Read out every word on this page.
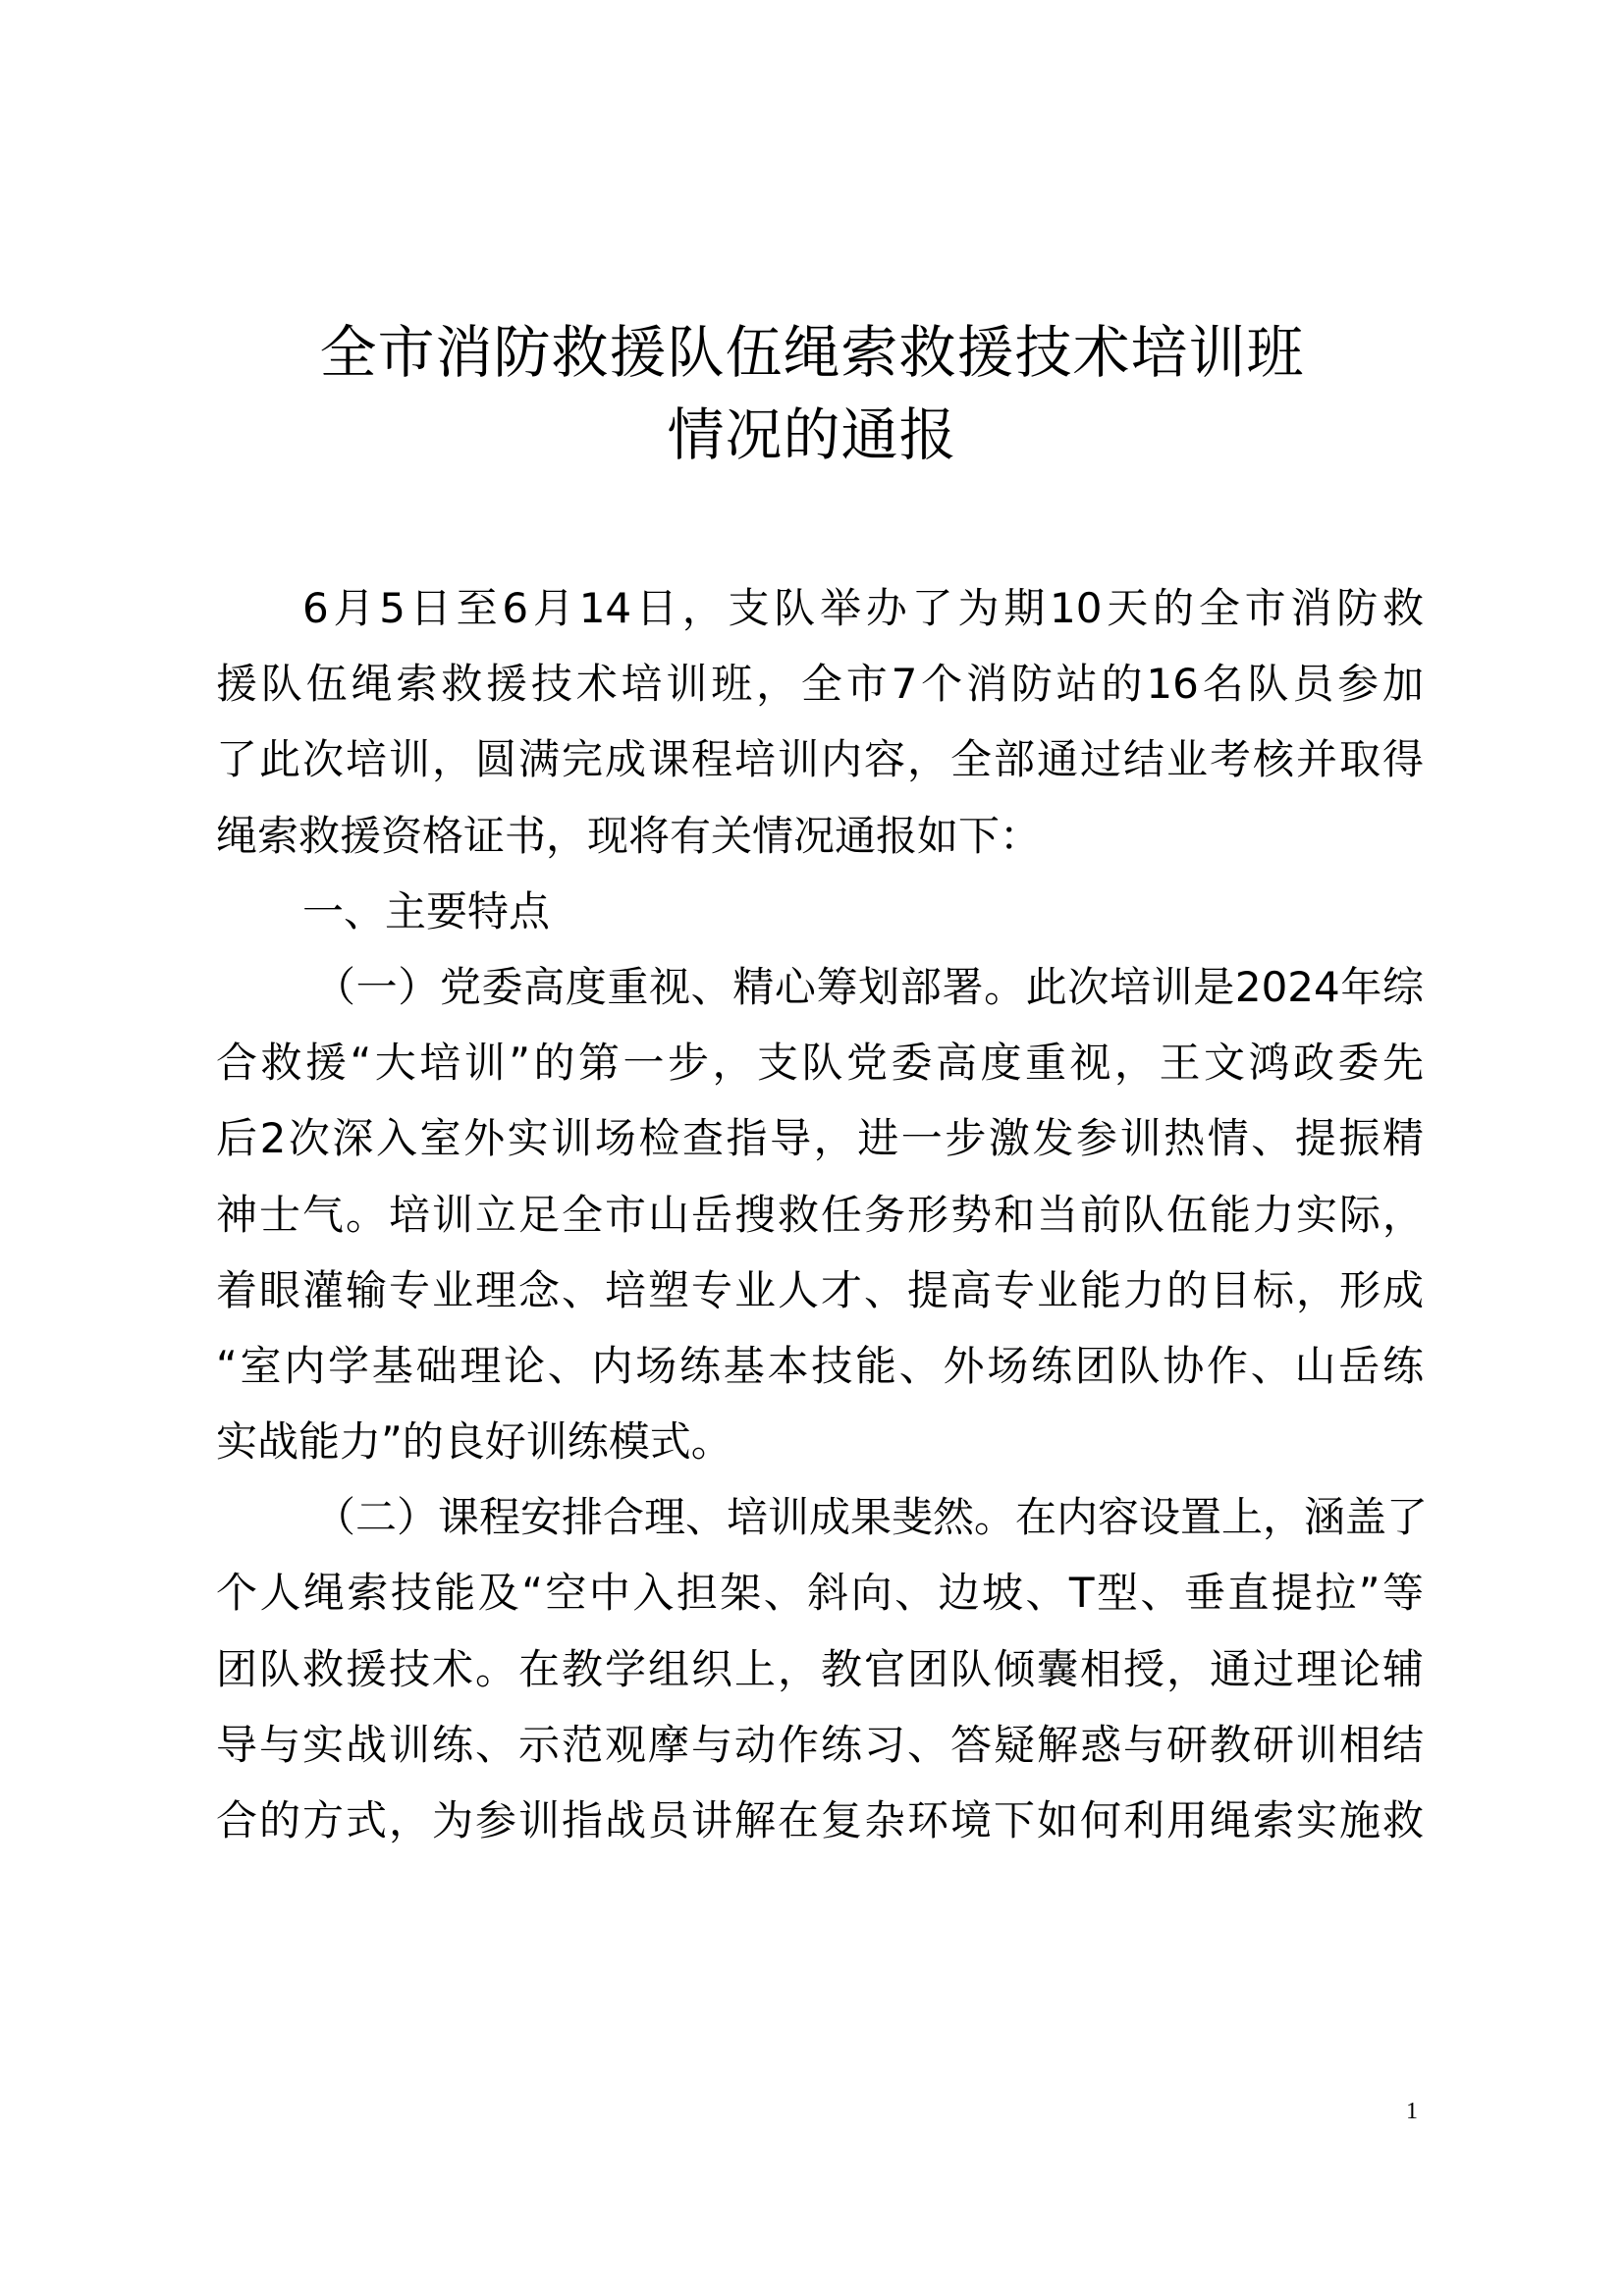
全市消防救援队伍绳索救援技术培训班
情况的通报
6月5日至6月14日，支队举办了为期10天的全市消防救
援队伍绳索救援技术培训班，全市7个消防站的16名队员参加
了此次培训，圆满完成课程培训内容，全部通过结业考核并取得
绳索救援资格证书，现将有关情况通报如下：
一、主要特点
（一）党委高度重视、精心筹划部署。此次培训是2024年综
合救援“大培训”的第一步，支队党委高度重视，王文鸿政委先
后2次深入室外实训场检查指导，进一步激发参训热情、提振精
神士气。培训立足全市山岳搜救任务形势和当前队伍能力实际，
着眼灌输专业理念、培塑专业人才、提高专业能力的目标，形成
“室内学基础理论、内场练基本技能、外场练团队协作、山岳练
实战能力”的良好训练模式。
（二）课程安排合理、培训成果斐然。在内容设置上，涵盖了
个人绳索技能及“空中入担架、斜向、边坡、T型、垂直提拉”等
团队救援技术。在教学组织上，教官团队倾囊相授，通过理论辅
导与实战训练、示范观摩与动作练习、答疑解惑与研教研训相结
合的方式，为参训指战员讲解在复杂环境下如何利用绳索实施救
1
